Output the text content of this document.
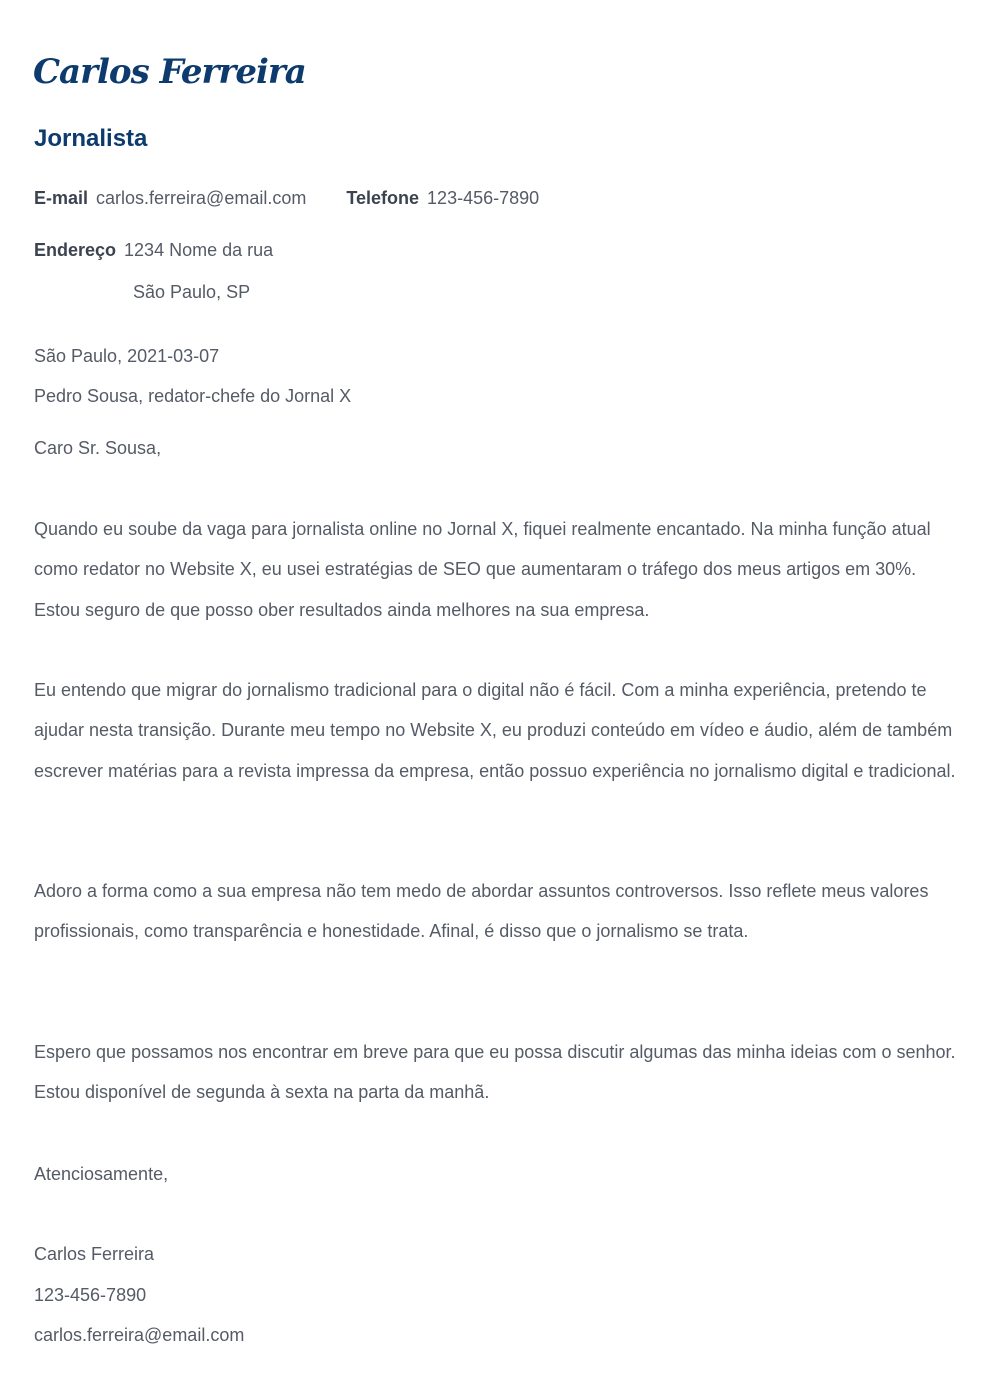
Carlos Ferreira
Jornalista
E-mail carlos.ferreira@email.com Telefone 123-456-7890
Endereço 1234 Nome da rua
São Paulo, SP
São Paulo, 2021-03-07
Pedro Sousa, redator-chefe do Jornal X
Caro Sr. Sousa,

Quando eu soube da vaga para jornalista online no Jornal X, fiquei realmente encantado. Na minha função atual como redator no Website X, eu usei estratégias de SEO que aumentaram o tráfego dos meus artigos em 30%. Estou seguro de que posso ober resultados ainda melhores na sua empresa.

Eu entendo que migrar do jornalismo tradicional para o digital não é fácil. Com a minha experiência, pretendo te ajudar nesta transição. Durante meu tempo no Website X, eu produzi conteúdo em vídeo e áudio, além de também escrever matérias para a revista impressa da empresa, então possuo experiência no jornalismo digital e tradicional.

Adoro a forma como a sua empresa não tem medo de abordar assuntos controversos. Isso reflete meus valores profissionais, como transparência e honestidade. Afinal, é disso que o jornalismo se trata.

Espero que possamos nos encontrar em breve para que eu possa discutir algumas das minha ideias com o senhor. Estou disponível de segunda à sexta na parta da manhã.

Atenciosamente,
Carlos Ferreira
123-456-7890
carlos.ferreira@email.com
